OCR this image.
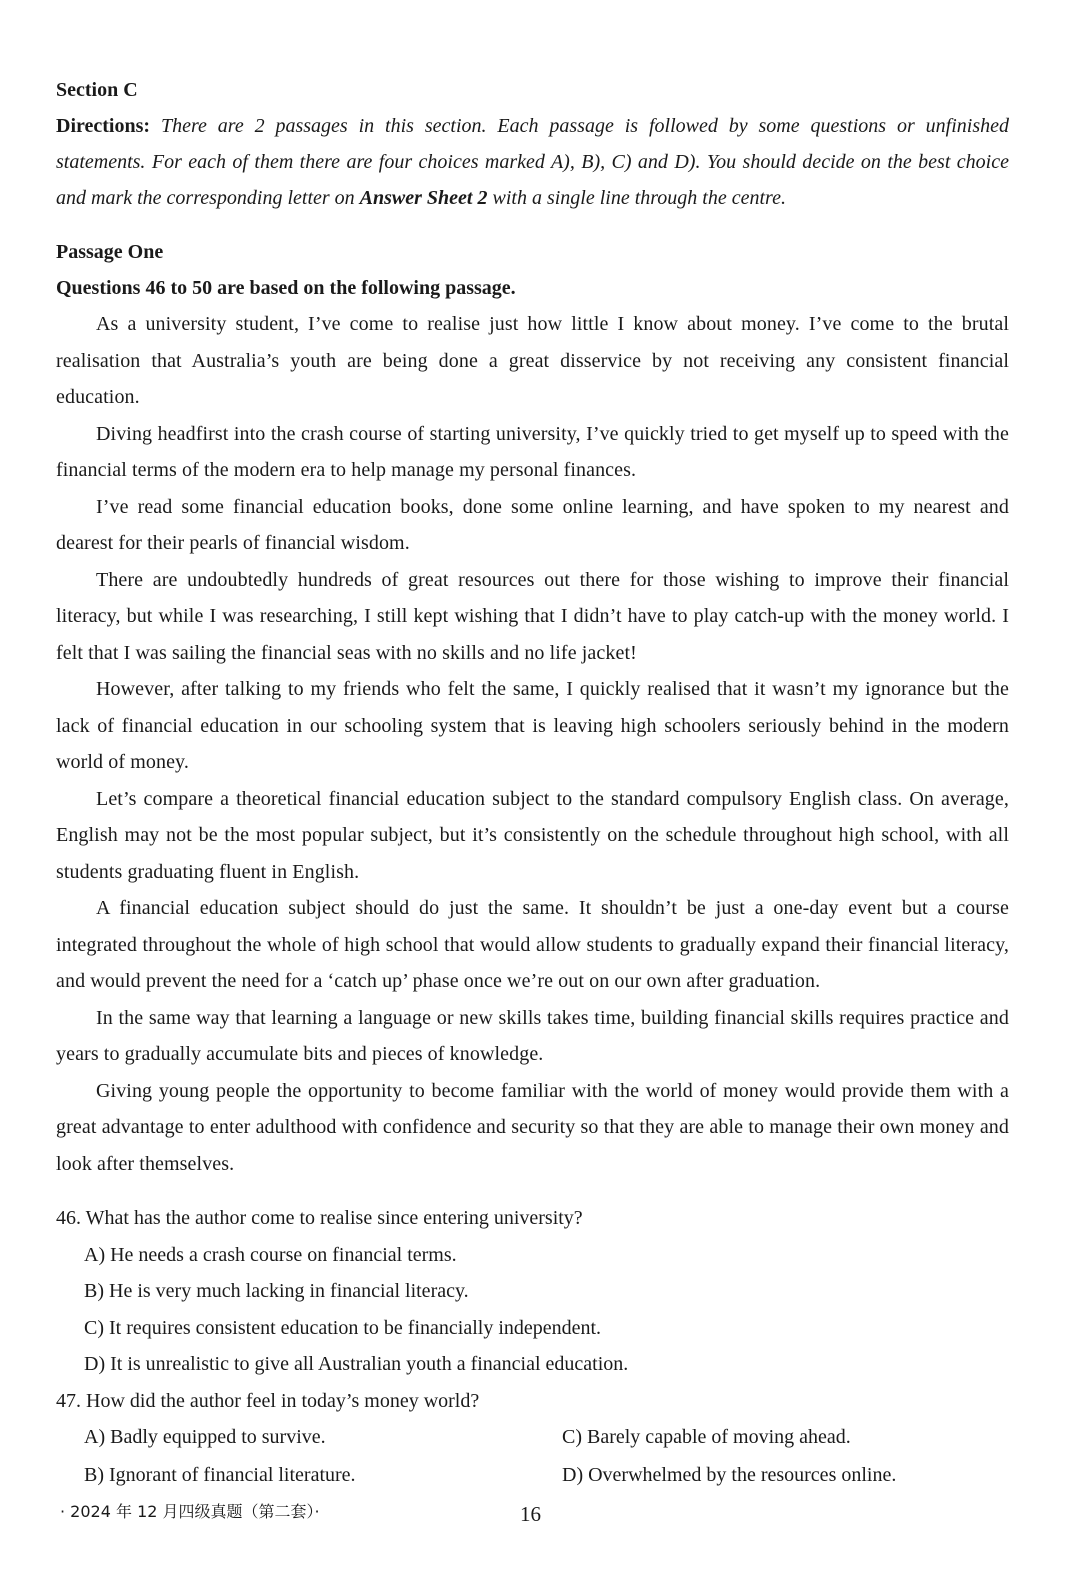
Section C

Directions: There are 2 passages in this section. Each passage is followed by some questions or unfinished statements. For each of them there are four choices marked A), B), C) and D). You should decide on the best choice and mark the corresponding letter on Answer Sheet 2 with a single line through the centre.

Passage One

Questions 46 to 50 are based on the following passage.

As a university student, I’ve come to realise just how little I know about money. I’ve come to the brutal realisation that Australia’s youth are being done a great disservice by not receiving any consistent financial education.

Diving headfirst into the crash course of starting university, I’ve quickly tried to get myself up to speed with the financial terms of the modern era to help manage my personal finances.

I’ve read some financial education books, done some online learning, and have spoken to my nearest and dearest for their pearls of financial wisdom.

There are undoubtedly hundreds of great resources out there for those wishing to improve their financial literacy, but while I was researching, I still kept wishing that I didn’t have to play catch-up with the money world. I felt that I was sailing the financial seas with no skills and no life jacket!

However, after talking to my friends who felt the same, I quickly realised that it wasn’t my ignorance but the lack of financial education in our schooling system that is leaving high schoolers seriously behind in the modern world of money.

Let’s compare a theoretical financial education subject to the standard compulsory English class. On average, English may not be the most popular subject, but it’s consistently on the schedule throughout high school, with all students graduating fluent in English.

A financial education subject should do just the same. It shouldn’t be just a one-day event but a course integrated throughout the whole of high school that would allow students to gradually expand their financial literacy, and would prevent the need for a ‘catch up’ phase once we’re out on our own after graduation.

In the same way that learning a language or new skills takes time, building financial skills requires practice and years to gradually accumulate bits and pieces of knowledge.

Giving young people the opportunity to become familiar with the world of money would provide them with a great advantage to enter adulthood with confidence and security so that they are able to manage their own money and look after themselves.

46. What has the author come to realise since entering university?

A) He needs a crash course on financial terms.

B) He is very much lacking in financial literacy.

C) It requires consistent education to be financially independent.

D) It is unrealistic to give all Australian youth a financial education.

47. How did the author feel in today’s money world?

A) Badly equipped to survive.	C) Barely capable of moving ahead.
B) Ignorant of financial literature.	D) Overwhelmed by the resources online.
· 2024 年 12 月四级真题（第二套）·	16
